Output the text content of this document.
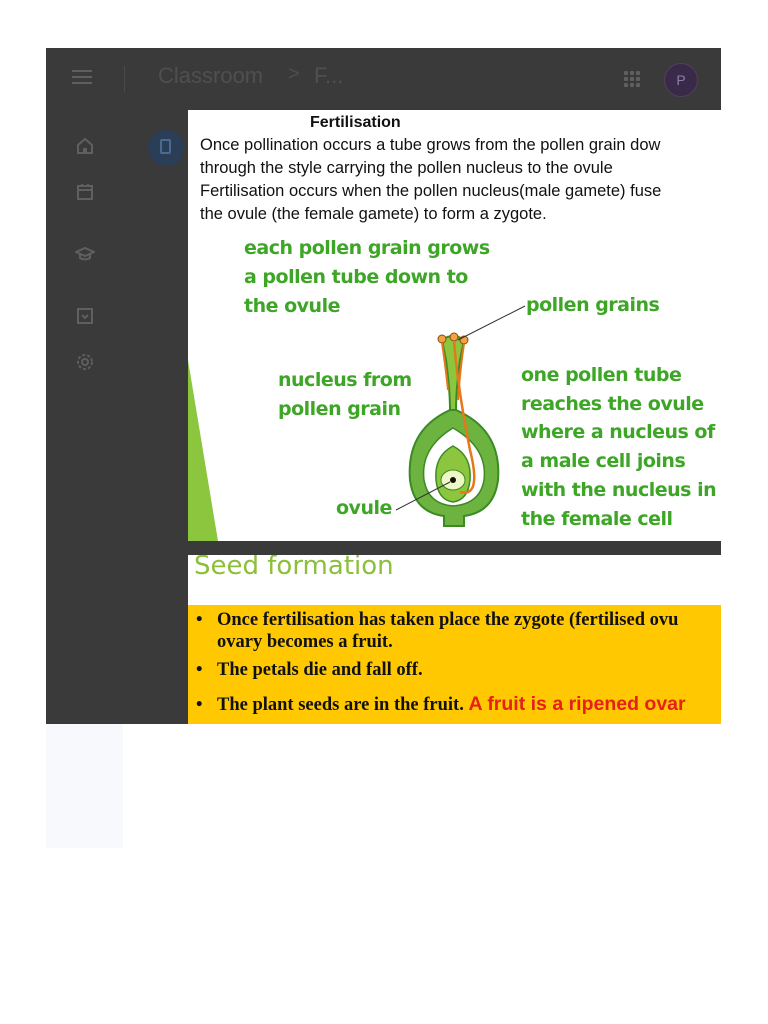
Classroom > F...	P
Fertilisation
Once pollination occurs a tube grows from the pollen grain dow
through the style carrying the pollen nucleus to the ovule
Fertilisation occurs when the pollen nucleus(male gamete) fuse
the ovule (the female gamete) to form a zygote.
each pollen grain grows
a pollen tube down to
the ovule	pollen grains
nucleus from
pollen grain
one pollen tube
reaches the ovule
where a nucleus of
a male cell joins
with the nucleus in
the female cell
ovule
Seed formation
• Once fertilisation has taken place the zygote (fertilised ovu
ovary becomes a fruit.
• The petals die and fall off.
• The plant seeds are in the fruit. A fruit is a ripened ovar
